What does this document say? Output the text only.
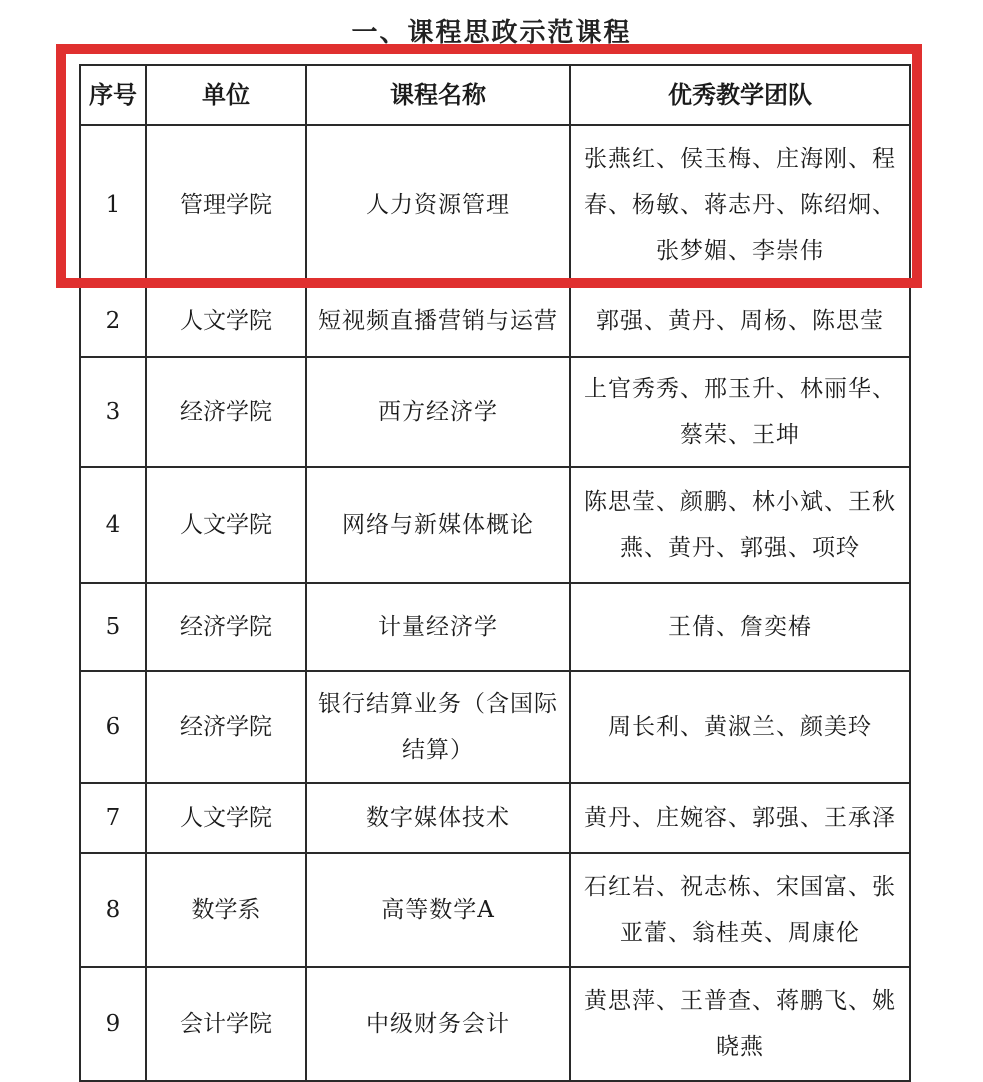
一、课程思政示范课程
序号	单位	课程名称	优秀教学团队
1	管理学院	人力资源管理	张燕红、侯玉梅、庄海刚、程春、杨敏、蒋志丹、陈绍炯、张梦媚、李崇伟
2	人文学院	短视频直播营销与运营	郭强、黄丹、周杨、陈思莹
3	经济学院	西方经济学	上官秀秀、邢玉升、林丽华、蔡荣、王坤
4	人文学院	网络与新媒体概论	陈思莹、颜鹏、林小斌、王秋燕、黄丹、郭强、项玲
5	经济学院	计量经济学	王倩、詹奕椿
6	经济学院	银行结算业务（含国际结算）	周长利、黄淑兰、颜美玲
7	人文学院	数字媒体技术	黄丹、庄婉容、郭强、王承泽
8	数学系	高等数学A	石红岩、祝志栋、宋国富、张亚蕾、翁桂英、周康伦
9	会计学院	中级财务会计	黄思萍、王普查、蒋鹏飞、姚晓燕
